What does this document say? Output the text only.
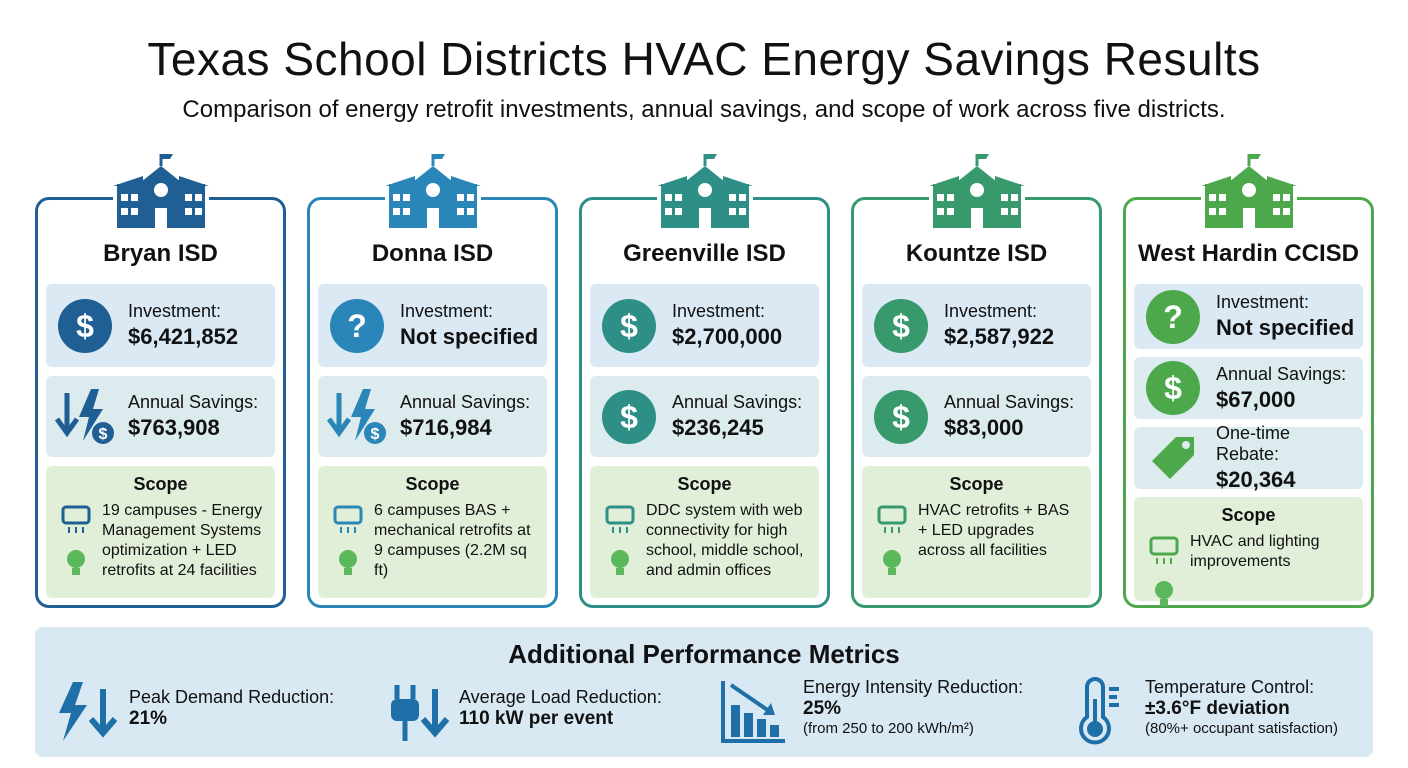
Texas School Districts HVAC Energy Savings Results
Comparison of energy retrofit investments, annual savings, and scope of work across five districts.
Bryan ISD
$ Investment:
$6,421,852
$
Annual Savings:
$763,908
Scope
19 campuses - Energy Management Systems optimization + LED retrofits at 24 facilities
Donna ISD
? Investment:
Not specified
$
Annual Savings:
$716,984
Scope
6 campuses BAS + mechanical retrofits at 9 campuses (2.2M sq ft)
Greenville ISD
$ Investment:
$2,700,000
$ Annual Savings:
$236,245
Scope
DDC system with web connectivity for high school, middle school, and admin offices
Kountze ISD
$ Investment:
$2,587,922
$ Annual Savings:
$83,000
Scope
HVAC retrofits + BAS + LED upgrades across all facilities
West Hardin CCISD
? Investment:
Not specified
$ Annual Savings:
$67,000
One-time Rebate:
$20,364
Scope
HVAC and lighting improvements
Additional Performance Metrics
Peak Demand Reduction:
21%
Average Load Reduction:
110 kW per event
Energy Intensity Reduction:
25%
(from 250 to 200 kWh/m²)
Temperature Control:
±3.6°F deviation
(80%+ occupant satisfaction)
